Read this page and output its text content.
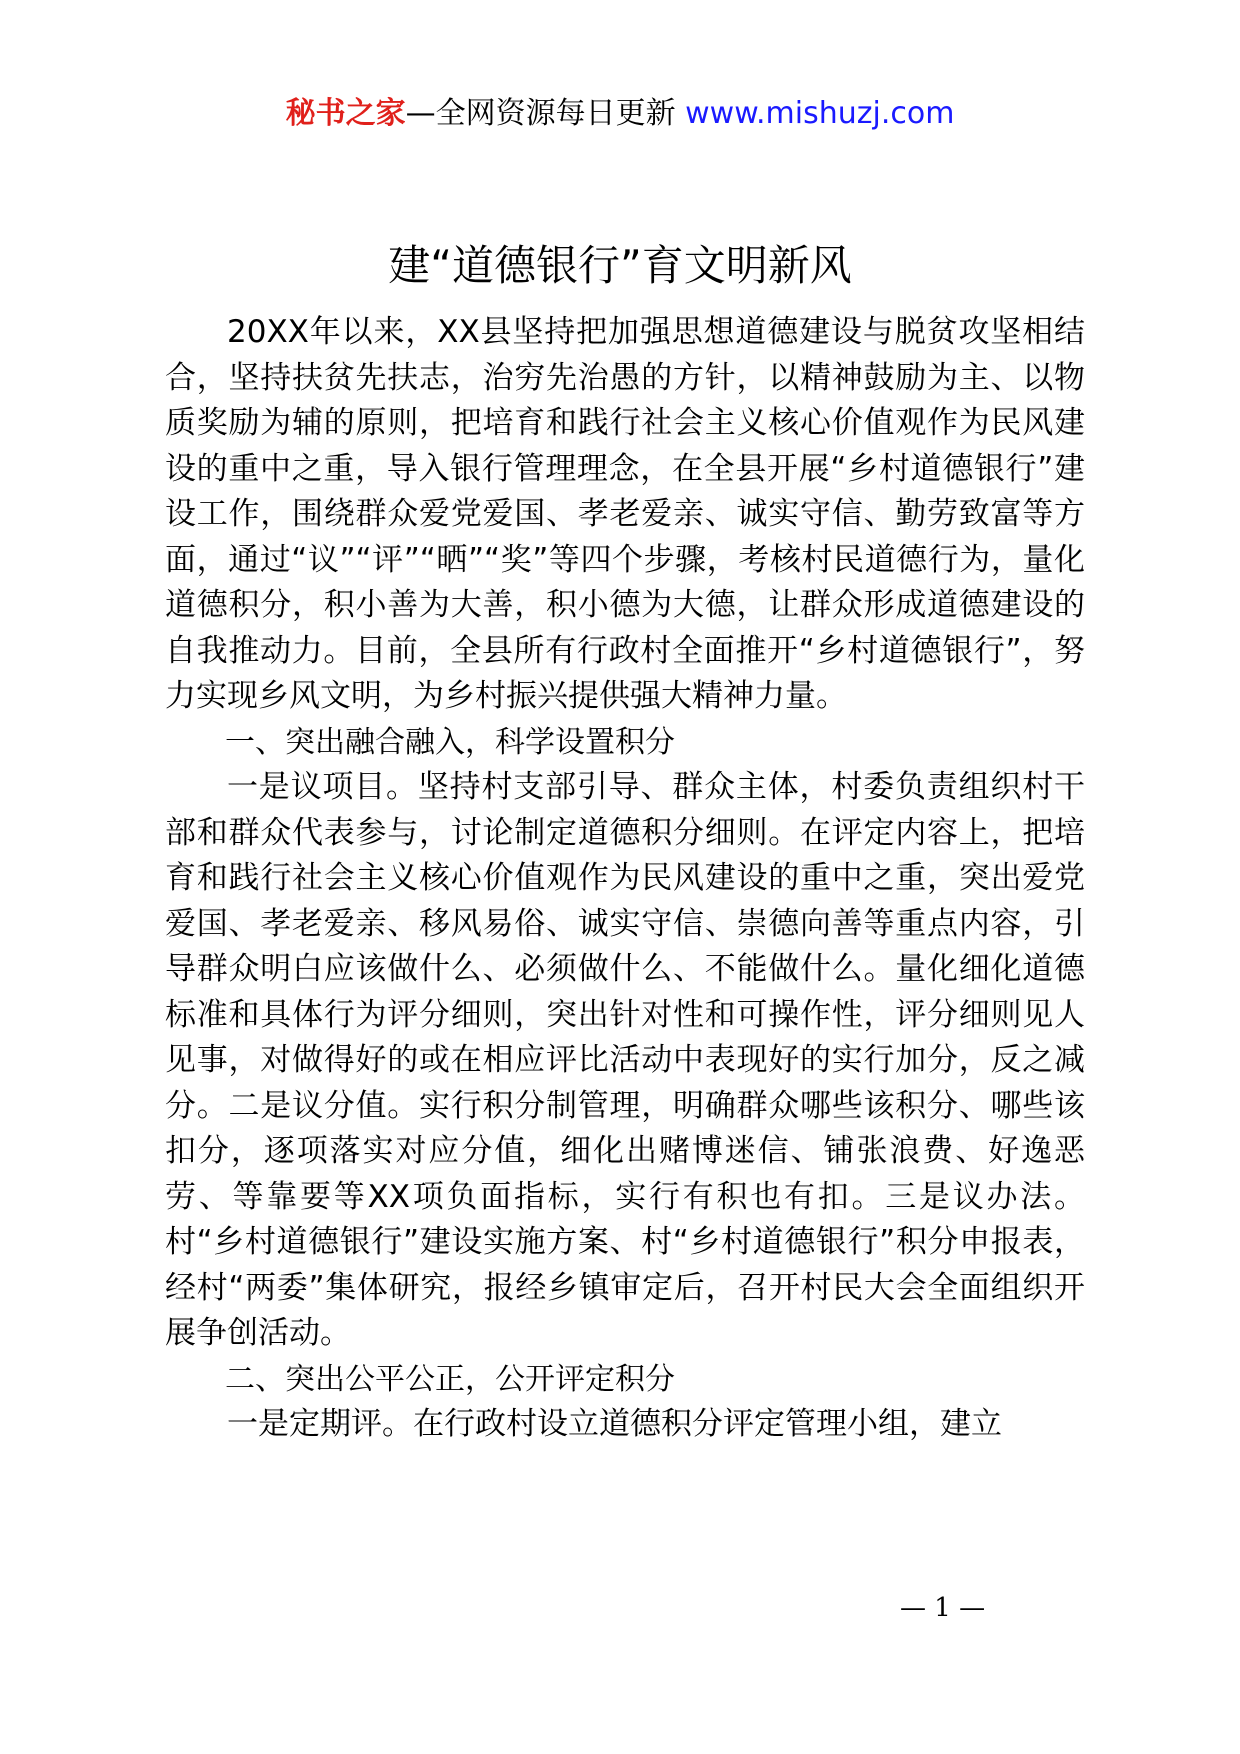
秘书之家—全网资源每日更新 www.mishuzj.com
建“道德银行”育文明新风

20XX年以来，XX县坚持把加强思想道德建设与脱贫攻坚相结合，坚持扶贫先扶志，治穷先治愚的方针，以精神鼓励为主、以物质奖励为辅的原则，把培育和践行社会主义核心价值观作为民风建设的重中之重，导入银行管理理念，在全县开展“乡村道德银行”建设工作，围绕群众爱党爱国、孝老爱亲、诚实守信、勤劳致富等方面，通过“议”“评”“晒”“奖”等四个步骤，考核村民道德行为，量化道德积分，积小善为大善，积小德为大德，让群众形成道德建设的自我推动力。目前，全县所有行政村全面推开“乡村道德银行”，努力实现乡风文明，为乡村振兴提供强大精神力量。

一、突出融合融入，科学设置积分

一是议项目。坚持村支部引导、群众主体，村委负责组织村干部和群众代表参与，讨论制定道德积分细则。在评定内容上，把培育和践行社会主义核心价值观作为民风建设的重中之重，突出爱党爱国、孝老爱亲、移风易俗、诚实守信、崇德向善等重点内容，引导群众明白应该做什么、必须做什么、不能做什么。量化细化道德标准和具体行为评分细则，突出针对性和可操作性，评分细则见人见事，对做得好的或在相应评比活动中表现好的实行加分，反之减分。二是议分值。实行积分制管理，明确群众哪些该积分、哪些该扣分，逐项落实对应分值，细化出赌博迷信、铺张浪费、好逸恶劳、等靠要等XX项负面指标，实行有积也有扣。三是议办法。村“乡村道德银行”建设实施方案、村“乡村道德银行”积分申报表，经村“两委”集体研究，报经乡镇审定后，召开村民大会全面组织开展争创活动。

二、突出公平公正，公开评定积分

一是定期评。在行政村设立道德积分评定管理小组，建立

— 1 —
